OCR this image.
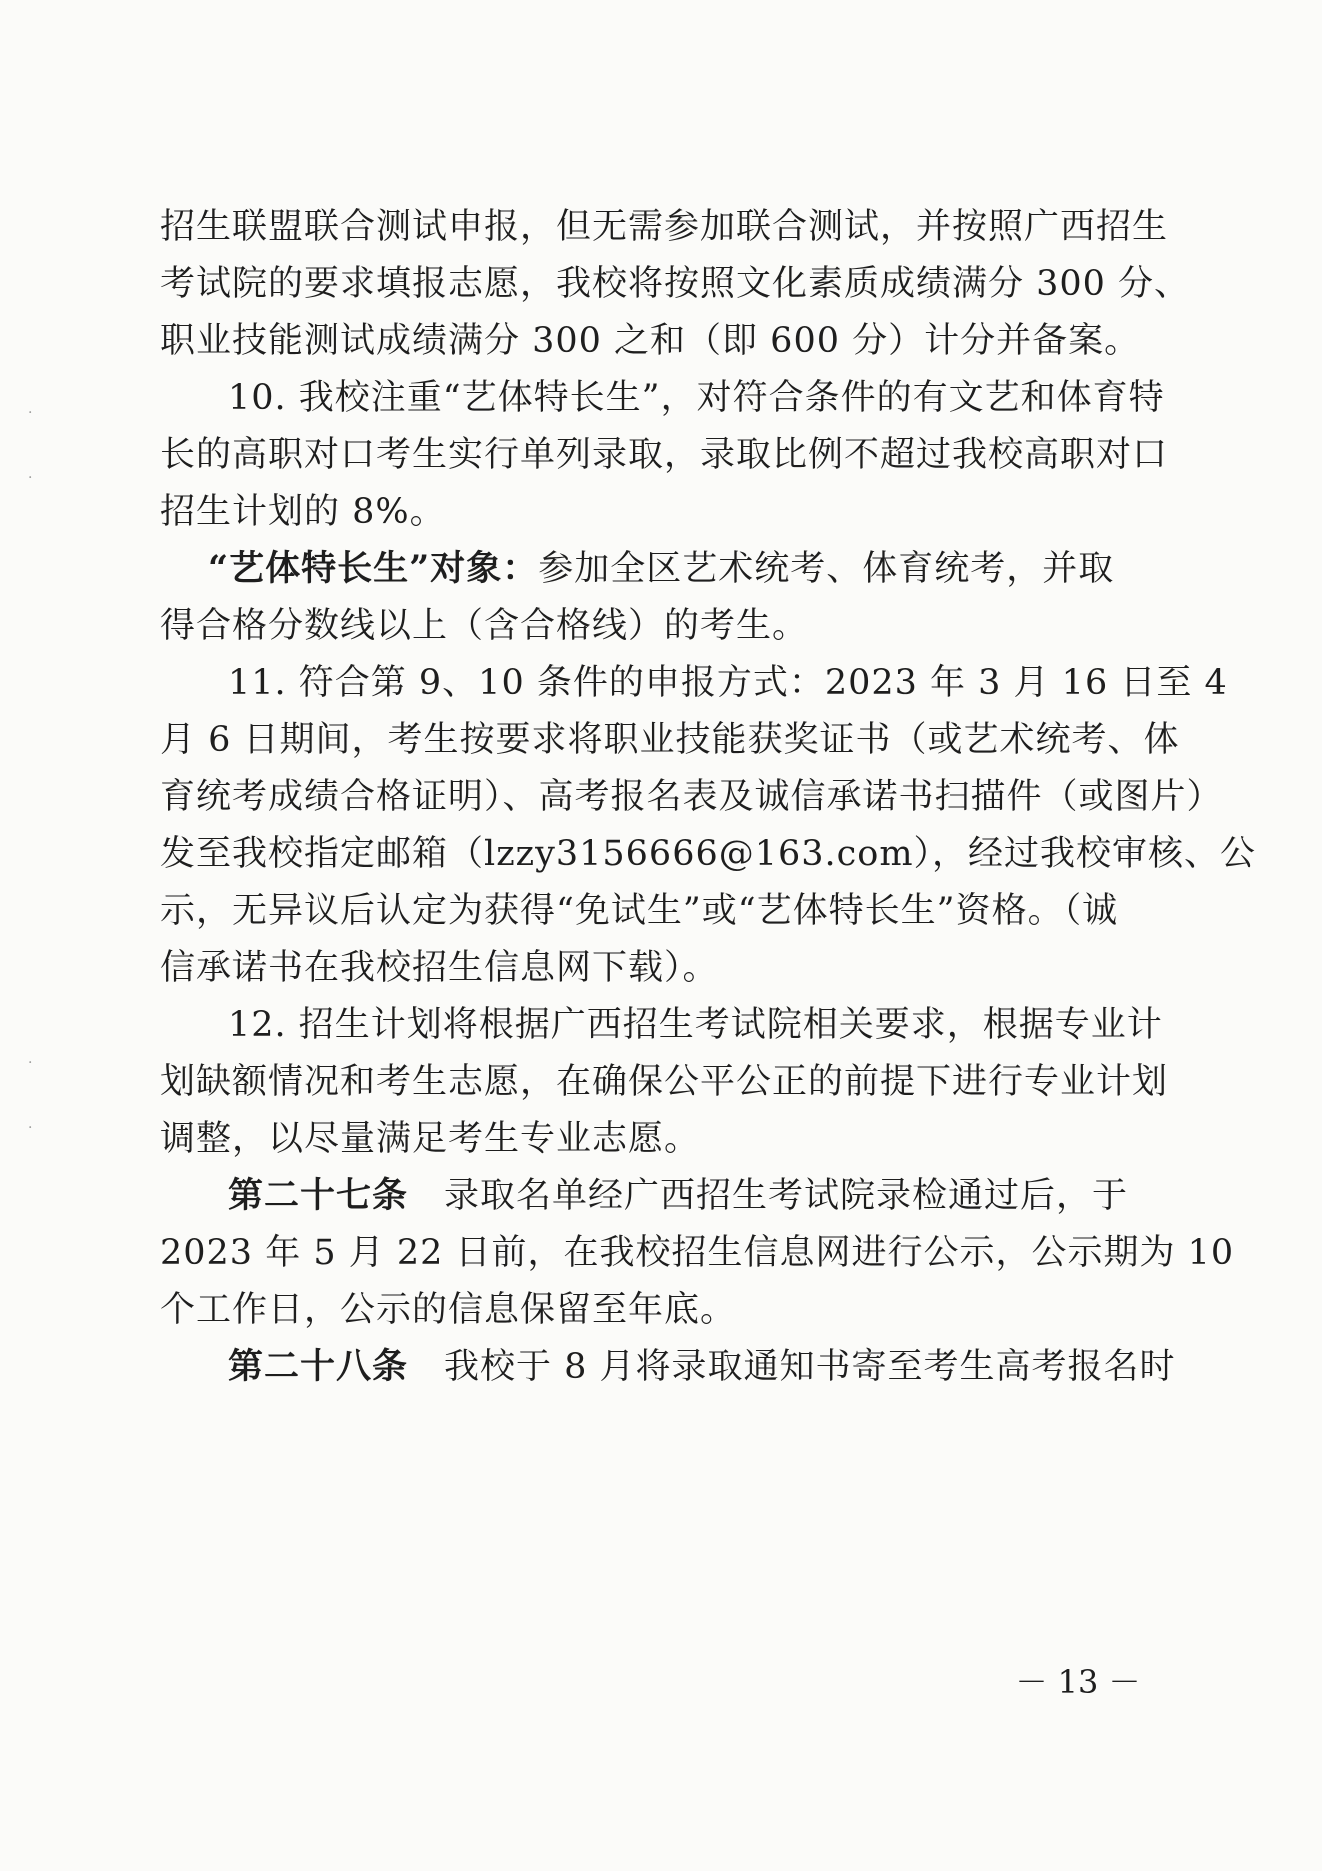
·
·
·
·
招生联盟联合测试申报，但无需参加联合测试，并按照广西招生
考试院的要求填报志愿，我校将按照文化素质成绩满分 300 分、
职业技能测试成绩满分 300 之和（即 600 分）计分并备案。
10. 我校注重“艺体特长生”，对符合条件的有文艺和体育特
长的高职对口考生实行单列录取，录取比例不超过我校高职对口
招生计划的 8%。
“艺体特长生”对象：参加全区艺术统考、体育统考，并取
得合格分数线以上（含合格线）的考生。
11. 符合第 9、10 条件的申报方式：2023 年 3 月 16 日至 4
月 6 日期间，考生按要求将职业技能获奖证书（或艺术统考、体
育统考成绩合格证明）、高考报名表及诚信承诺书扫描件（或图片）
发至我校指定邮箱（lzzy3156666@163.com），经过我校审核、公
示，无异议后认定为获得“免试生”或“艺体特长生”资格。（诚
信承诺书在我校招生信息网下载）。
12. 招生计划将根据广西招生考试院相关要求，根据专业计
划缺额情况和考生志愿，在确保公平公正的前提下进行专业计划
调整，以尽量满足考生专业志愿。
第二十七条 录取名单经广西招生考试院录检通过后，于
2023 年 5 月 22 日前，在我校招生信息网进行公示，公示期为 10
个工作日，公示的信息保留至年底。
第二十八条 我校于 8 月将录取通知书寄至考生高考报名时
－ 13 －
